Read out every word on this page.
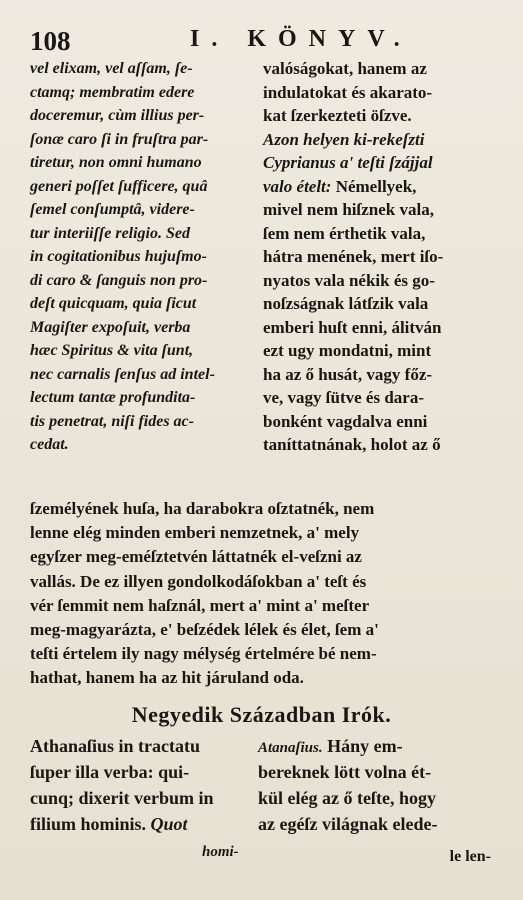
108	I. KÖNYV.
vel elixam, vel aſſam, ſe-
ctamq; membratim edere
doceremur, cùm illius per-
ſonæ caro ſi in fruſtra par-
tiretur, non omni humano
generi poſſet ſufficere, quâ
ſemel conſumptâ, videre-
tur interiiſſe religio. Sed
in cogitationibus hujuſmo-
di caro & ſanguis non pro-
deſt quicquam, quia ſicut
Magiſter expoſuit, verba
hæc Spiritus & vita ſunt,
nec carnalis ſenſus ad intel-
lectum tantæ profundita-
tis penetrat, niſi fides ac-
cedat.
valóságokat, hanem az
indulatokat és akarato-
kat ſzerkezteti öſzve.
Azon helyen ki-rekeſzti
Cyprianus a' teſti ſzájjal
valo ételt: Némellyek,
mivel nem hiſznek vala,
ſem nem érthetik vala,
hátra menének, mert iſo-
nyatos vala nékik és go-
noſzságnak látſzik vala
emberi huſt enni, álitván
ezt ugy mondatni, mint
ha az ő husát, vagy főz-
ve, vagy ſütve és dara-
bonként vagdalva enni
taníttatnának, holot az ő
ſzemélyének huſa, ha darabokra oſztatnék, nem
lenne elég minden emberi nemzetnek, a' mely
egyſzer meg-eméſztetvén láttatnék el-veſzni az
vallás. De ez illyen gondolkodáſokban a' teſt és
vér ſemmit nem haſznál, mert a' mint a' meſter
meg-magyarázta, e' beſzédek lélek és élet, ſem a'
teſti értelem ily nagy mélység értelmére bé nem-
hathat, hanem ha az hit járuland oda.
Negyedik Században Irók.
Athanaſius in tractatu
ſuper illa verba: qui-
cunq; dixerit verbum in
filium hominis. Quot
homi-
Atanaſius. Hány em-
bereknek lött volna ét-
kül elég az ő teſte, hogy
az egéſz világnak elede-
le len-
